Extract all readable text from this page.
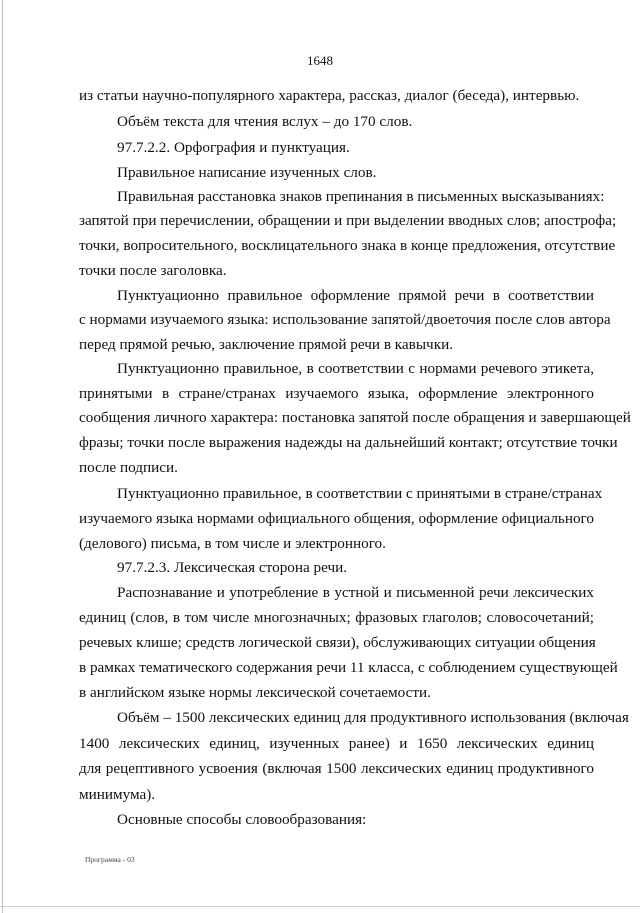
1648
из статьи научно-популярного характера, рассказ, диалог (беседа), интервью.
Объём текста для чтения вслух – до 170 слов.
97.7.2.2. Орфография и пунктуация.
Правильное написание изученных слов.
Правильная расстановка знаков препинания в письменных высказываниях:
запятой при перечислении, обращении и при выделении вводных слов; апострофа;
точки, вопросительного, восклицательного знака в конце предложения, отсутствие
точки после заголовка.
Пунктуационно правильное оформление прямой речи в соответствии
с нормами изучаемого языка: использование запятой/двоеточия после слов автора
перед прямой речью, заключение прямой речи в кавычки.
Пунктуационно правильное, в соответствии с нормами речевого этикета,
принятыми в стране/странах изучаемого языка, оформление электронного
сообщения личного характера: постановка запятой после обращения и завершающей
фразы; точки после выражения надежды на дальнейший контакт; отсутствие точки
после подписи.
Пунктуационно правильное, в соответствии с принятыми в стране/странах
изучаемого языка нормами официального общения, оформление официального
(делового) письма, в том числе и электронного.
97.7.2.3. Лексическая сторона речи.
Распознавание и употребление в устной и письменной речи лексических
единиц (слов, в том числе многозначных; фразовых глаголов; словосочетаний;
речевых клише; средств логической связи), обслуживающих ситуации общения
в рамках тематического содержания речи 11 класса, с соблюдением существующей
в английском языке нормы лексической сочетаемости.
Объём – 1500 лексических единиц для продуктивного использования (включая
1400 лексических единиц, изученных ранее) и 1650 лексических единиц
для рецептивного усвоения (включая 1500 лексических единиц продуктивного
минимума).
Основные способы словообразования:
Программа - 03
